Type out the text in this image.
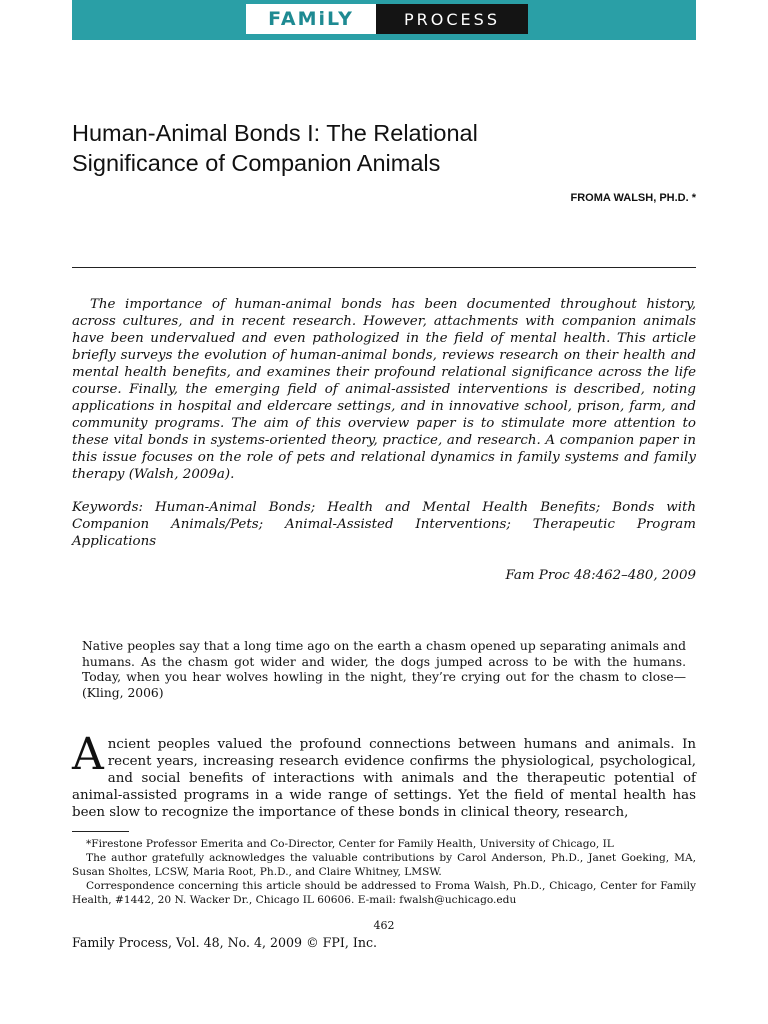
FAMiLY	PROCESS
Human-Animal Bonds I: The Relational
Significance of Companion Animals
FROMA WALSH, PH.D. *

The importance of human-animal bonds has been documented throughout history, across cultures, and in recent research. However, attachments with companion animals have been undervalued and even pathologized in the field of mental health. This article briefly surveys the evolution of human-animal bonds, reviews research on their health and mental health benefits, and examines their profound relational significance across the life course. Finally, the emerging field of animal-assisted interventions is described, noting applications in hospital and eldercare settings, and in innovative school, prison, farm, and community programs. The aim of this overview paper is to stimulate more attention to these vital bonds in systems-oriented theory, practice, and research. A companion paper in this issue focuses on the role of pets and relational dynamics in family systems and family therapy (Walsh, 2009a).

Keywords: Human-Animal Bonds; Health and Mental Health Benefits; Bonds with Companion Animals/Pets; Animal-Assisted Interventions; Therapeutic Program Applications

Fam Proc 48:462–480, 2009

Native peoples say that a long time ago on the earth a chasm opened up separating animals and humans. As the chasm got wider and wider, the dogs jumped across to be with the humans. Today, when you hear wolves howling in the night, they’re crying out for the chasm to close— (Kling, 2006)

Ancient peoples valued the profound connections between humans and animals. In recent years, increasing research evidence confirms the physiological, psychological, and social benefits of interactions with animals and the therapeutic potential of animal-assisted programs in a wide range of settings. Yet the field of mental health has been slow to recognize the importance of these bonds in clinical theory, research,

*Firestone Professor Emerita and Co-Director, Center for Family Health, University of Chicago, IL

The author gratefully acknowledges the valuable contributions by Carol Anderson, Ph.D., Janet Goeking, MA, Susan Sholtes, LCSW, Maria Root, Ph.D., and Claire Whitney, LMSW.

Correspondence concerning this article should be addressed to Froma Walsh, Ph.D., Chicago, Center for Family Health, #1442, 20 N. Wacker Dr., Chicago IL 60606. E-mail: fwalsh@uchicago.edu

462
Family Process, Vol. 48, No. 4, 2009 © FPI, Inc.
